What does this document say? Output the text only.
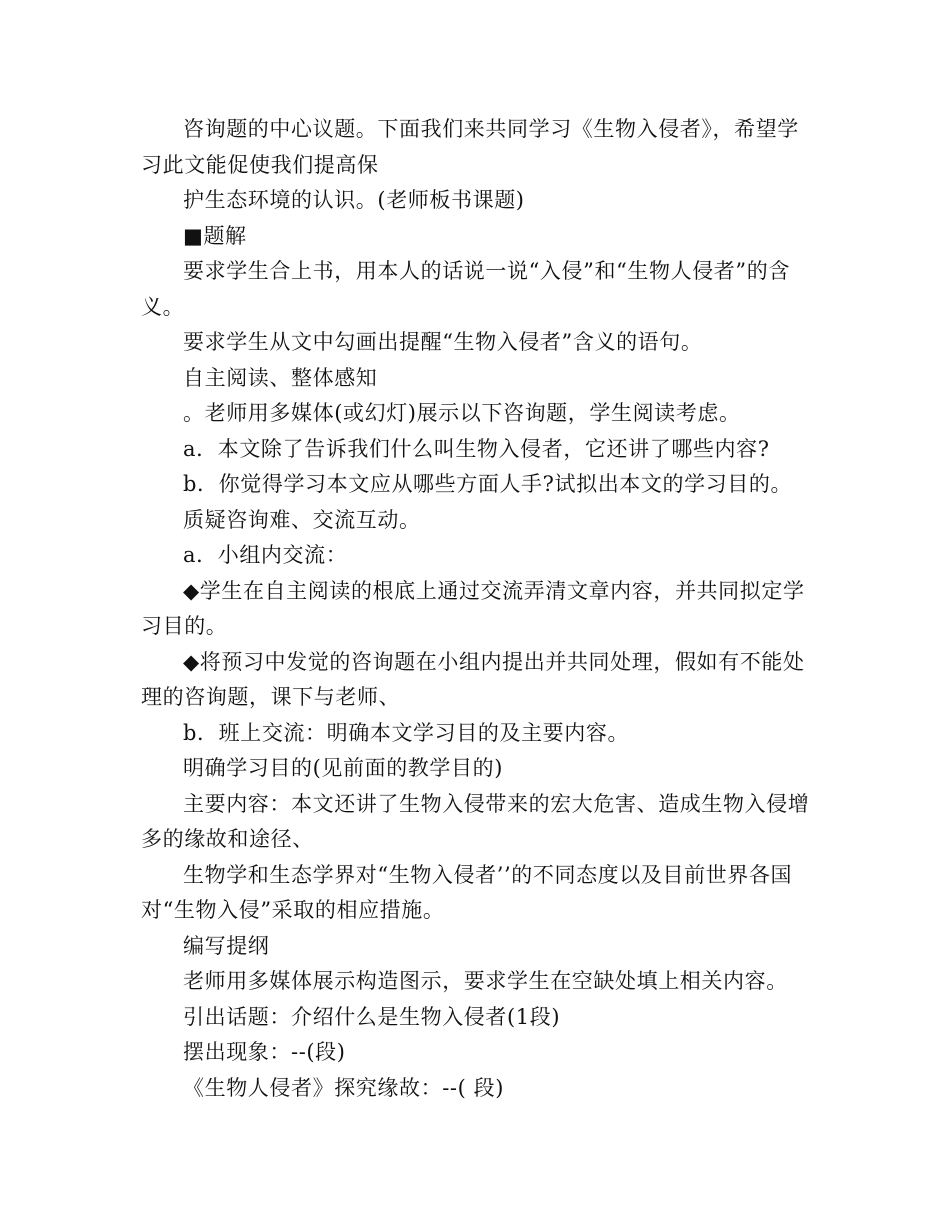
咨询题的中心议题。下面我们来共同学习《生物入侵者》，希望学习此文能促使我们提高保

护生态环境的认识。(老师板书课题)

■题解

要求学生合上书，用本人的话说一说“入侵”和“生物人侵者”的含义。

要求学生从文中勾画出提醒“生物入侵者”含义的语句。

自主阅读、整体感知

。老师用多媒体(或幻灯)展示以下咨询题，学生阅读考虑。

a．本文除了告诉我们什么叫生物入侵者，它还讲了哪些内容?

b．你觉得学习本文应从哪些方面人手?试拟出本文的学习目的。

质疑咨询难、交流互动。

a．小组内交流：

◆学生在自主阅读的根底上通过交流弄清文章内容，并共同拟定学习目的。

◆将预习中发觉的咨询题在小组内提出并共同处理，假如有不能处理的咨询题，课下与老师、

b．班上交流：明确本文学习目的及主要内容。

明确学习目的(见前面的教学目的)

主要内容：本文还讲了生物入侵带来的宏大危害、造成生物入侵增多的缘故和途径、

生物学和生态学界对“生物入侵者’’的不同态度以及目前世界各国对“生物入侵”采取的相应措施。

编写提纲

老师用多媒体展示构造图示，要求学生在空缺处填上相关内容。

引出话题：介绍什么是生物入侵者(1段)

摆出现象：--(段)

《生物人侵者》探究缘故：--( 段)
